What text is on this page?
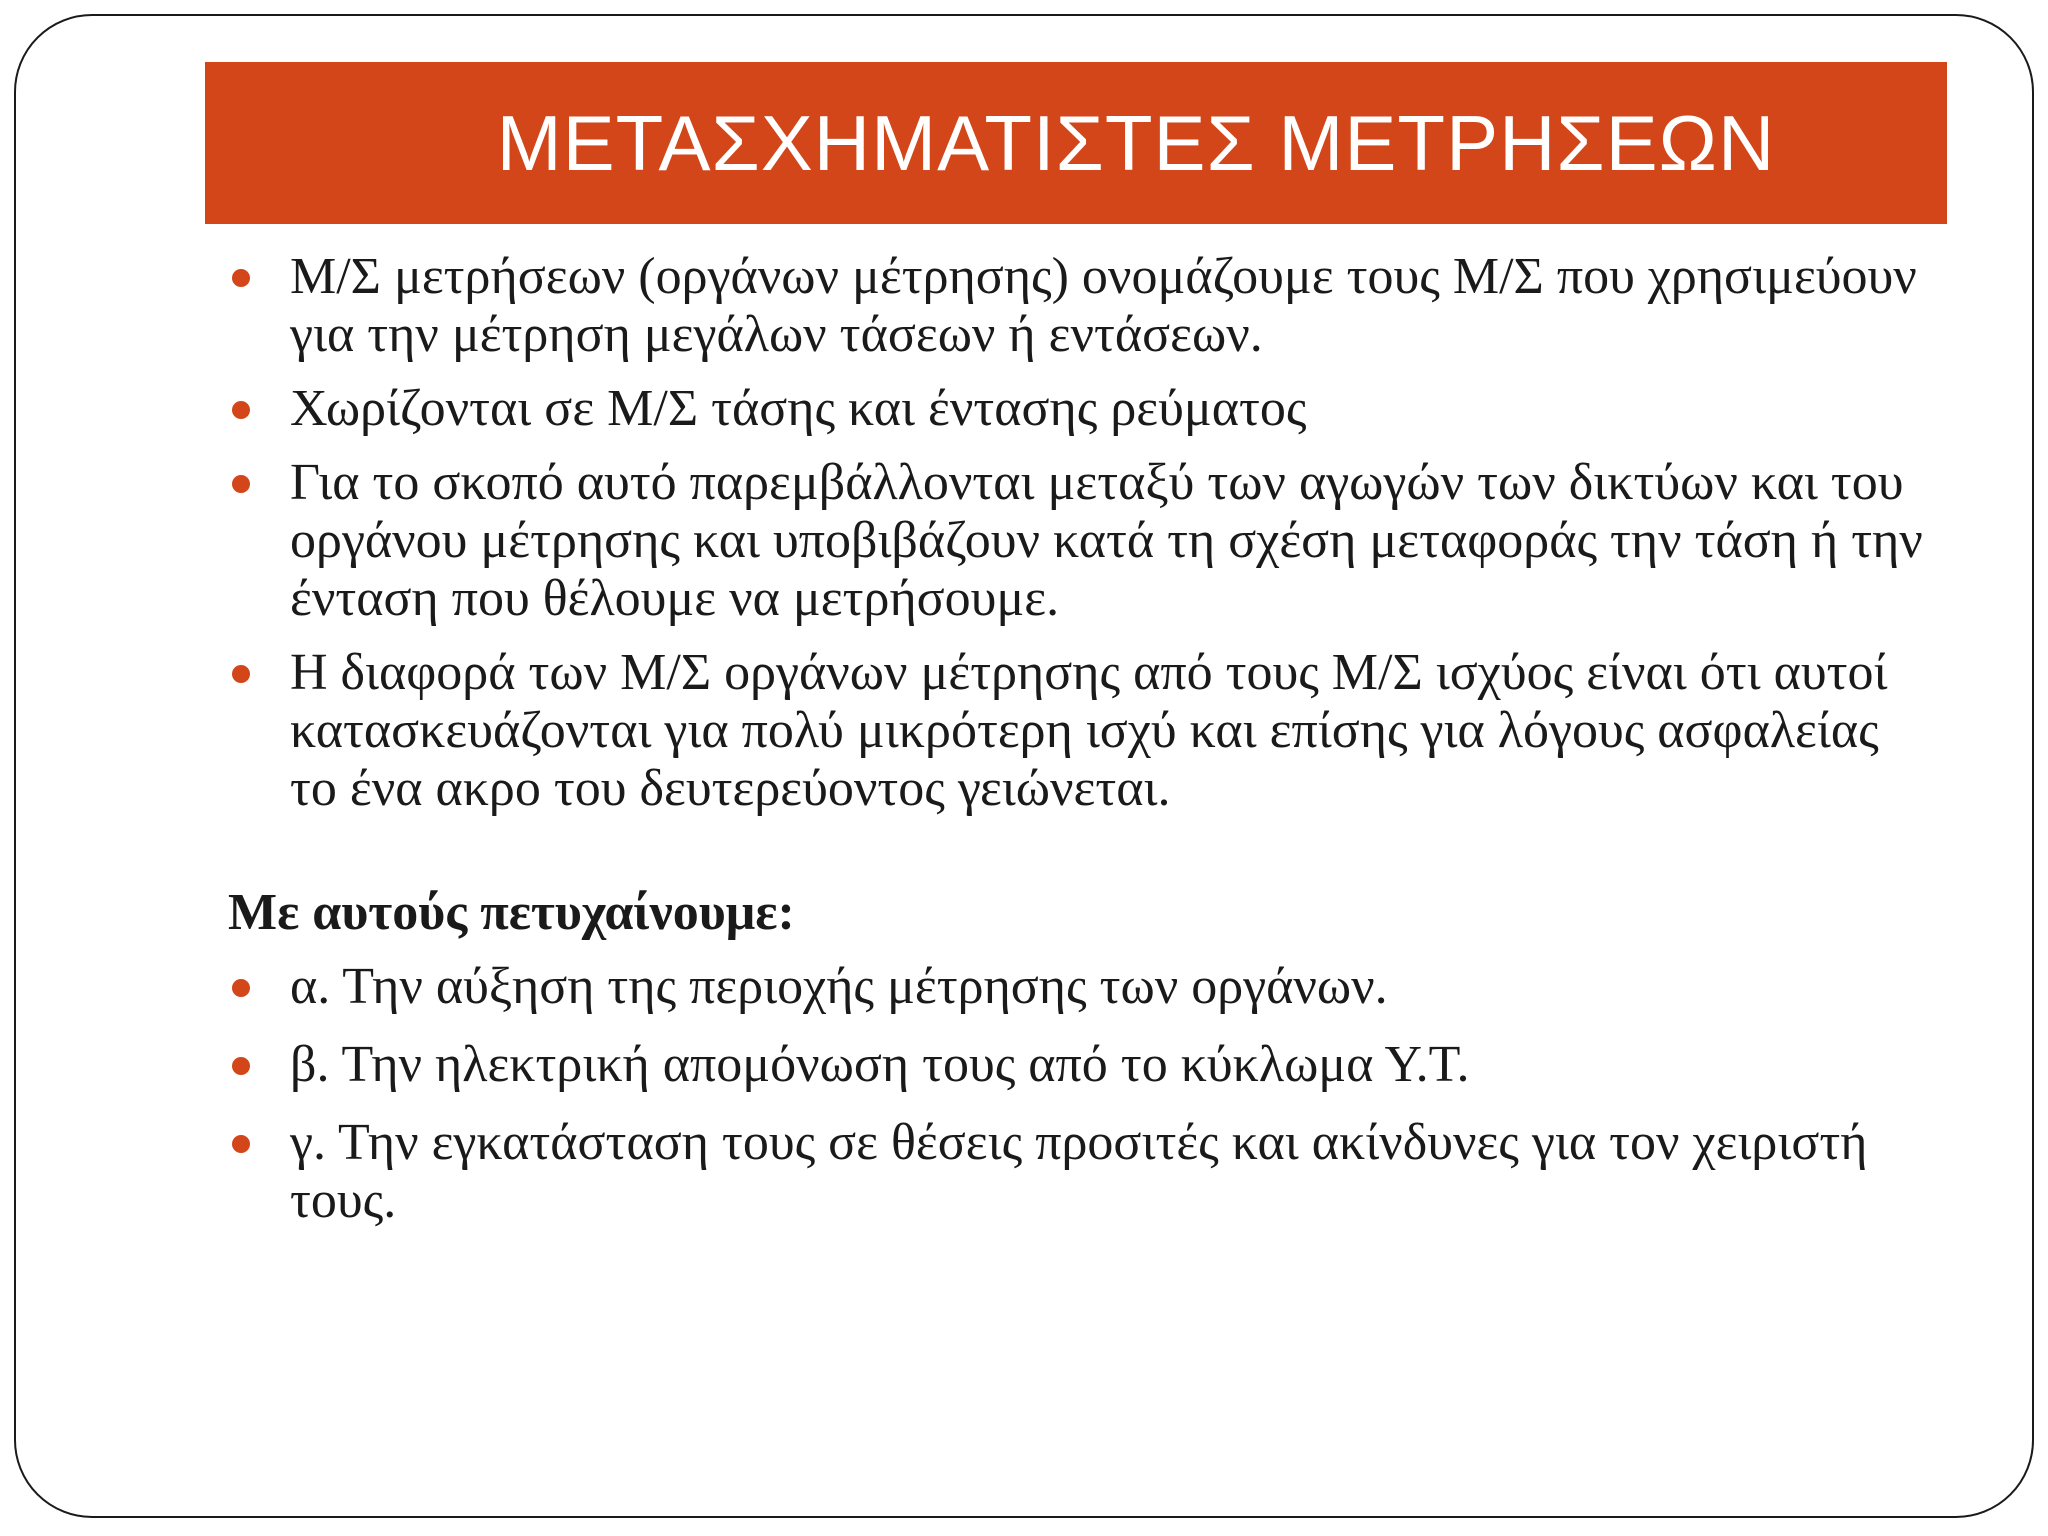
ΜΕΤΑΣΧΗΜΑΤΙΣΤΕΣ ΜΕΤΡΗΣΕΩΝ
Μ/Σ μετρήσεων (οργάνων μέτρησης) ονομάζουμε τους Μ/Σ που χρησιμεύουν για την μέτρηση μεγάλων τάσεων ή εντάσεων.
Χωρίζονται σε Μ/Σ τάσης και έντασης ρεύματος
Για το σκοπό αυτό παρεμβάλλονται μεταξύ των αγωγών των δικτύων και του οργάνου μέτρησης και υποβιβάζουν κατά τη σχέση μεταφοράς την τάση ή την ένταση που θέλουμε να μετρήσουμε.
Η διαφορά των Μ/Σ οργάνων μέτρησης από τους Μ/Σ ισχύος είναι ότι αυτοί κατασκευάζονται για πολύ μικρότερη ισχύ και επίσης για λόγους ασφαλείας το ένα ακρο του δευτερεύοντος γειώνεται.
Με αυτούς πετυχαίνουμε:
α. Την αύξηση της περιοχής μέτρησης των οργάνων.
β. Την ηλεκτρική απομόνωση τους από το κύκλωμα Υ.Τ.
γ. Την εγκατάσταση τους σε θέσεις προσιτές και ακίνδυνες για τον χειριστή τους.
